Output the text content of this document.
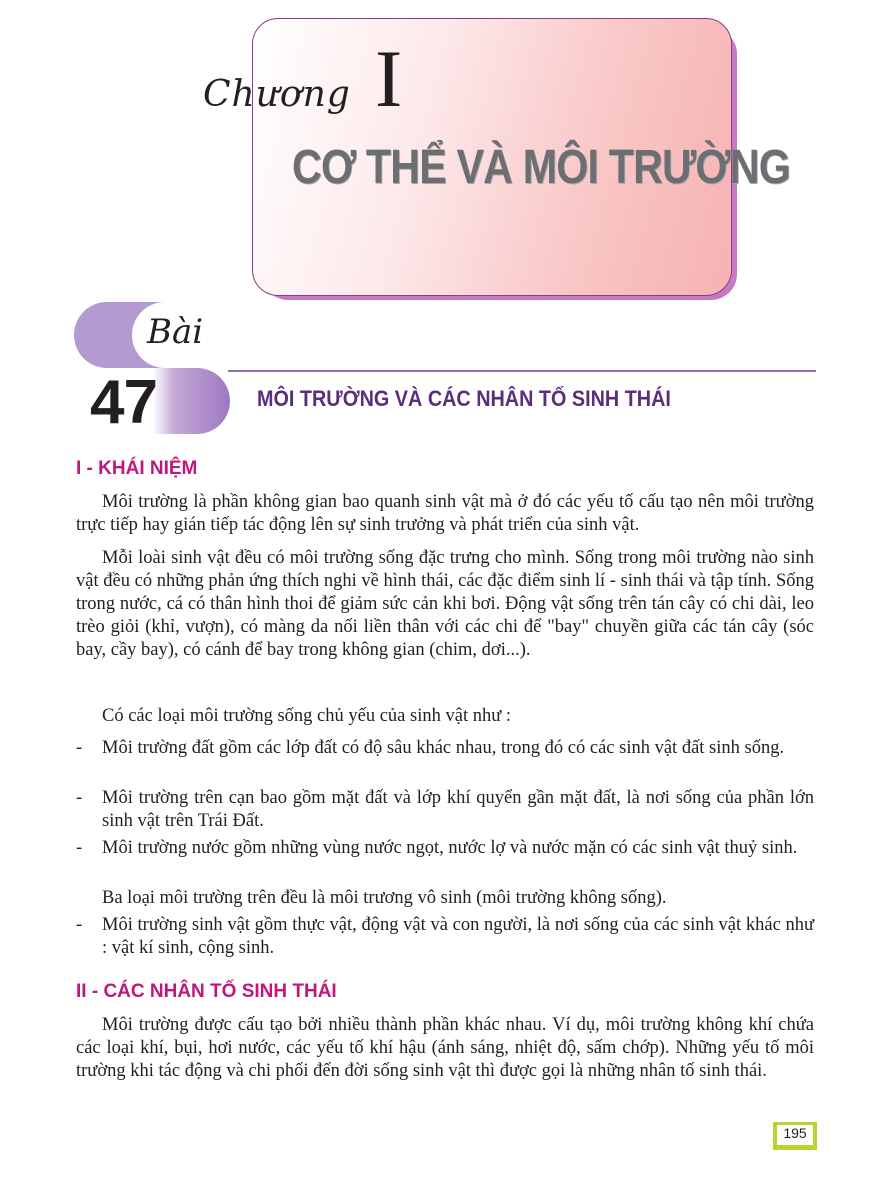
Chương I
CƠ THỂ VÀ MÔI TRƯỜNG
Bài
47	MÔI TRƯỜNG VÀ CÁC NHÂN TỐ SINH THÁI
I - KHÁI NIỆM

Môi trường là phần không gian bao quanh sinh vật mà ở đó các yếu tố cấu tạo nên môi trường trực tiếp hay gián tiếp tác động lên sự sinh trưởng và phát triển của sinh vật.

Mỗi loài sinh vật đều có môi trường sống đặc trưng cho mình. Sống trong môi trường nào sinh vật đều có những phản ứng thích nghi về hình thái, các đặc điểm sinh lí - sinh thái và tập tính. Sống trong nước, cá có thân hình thoi để giảm sức cản khi bơi. Động vật sống trên tán cây có chi dài, leo trèo giỏi (khỉ, vượn), có màng da nối liền thân với các chi để "bay" chuyền giữa các tán cây (sóc bay, cầy bay), có cánh để bay trong không gian (chim, dơi...).

Có các loại môi trường sống chủ yếu của sinh vật như :

- Môi trường đất gồm các lớp đất có độ sâu khác nhau, trong đó có các sinh vật đất sinh sống.
- Môi trường trên cạn bao gồm mặt đất và lớp khí quyển gần mặt đất, là nơi sống của phần lớn sinh vật trên Trái Đất.
- Môi trường nước gồm những vùng nước ngọt, nước lợ và nước mặn có các sinh vật thuỷ sinh.

Ba loại môi trường trên đều là môi trương vô sinh (môi trường không sống).

- Môi trường sinh vật gồm thực vật, động vật và con người, là nơi sống của các sinh vật khác như : vật kí sinh, cộng sinh.
II - CÁC NHÂN TỐ SINH THÁI

Môi trường được cấu tạo bởi nhiều thành phần khác nhau. Ví dụ, môi trường không khí chứa các loại khí, bụi, hơi nước, các yếu tố khí hậu (ánh sáng, nhiệt độ, sấm chớp). Những yếu tố môi trường khi tác động và chi phối đến đời sống sinh vật thì được gọi là những nhân tố sinh thái.

195
